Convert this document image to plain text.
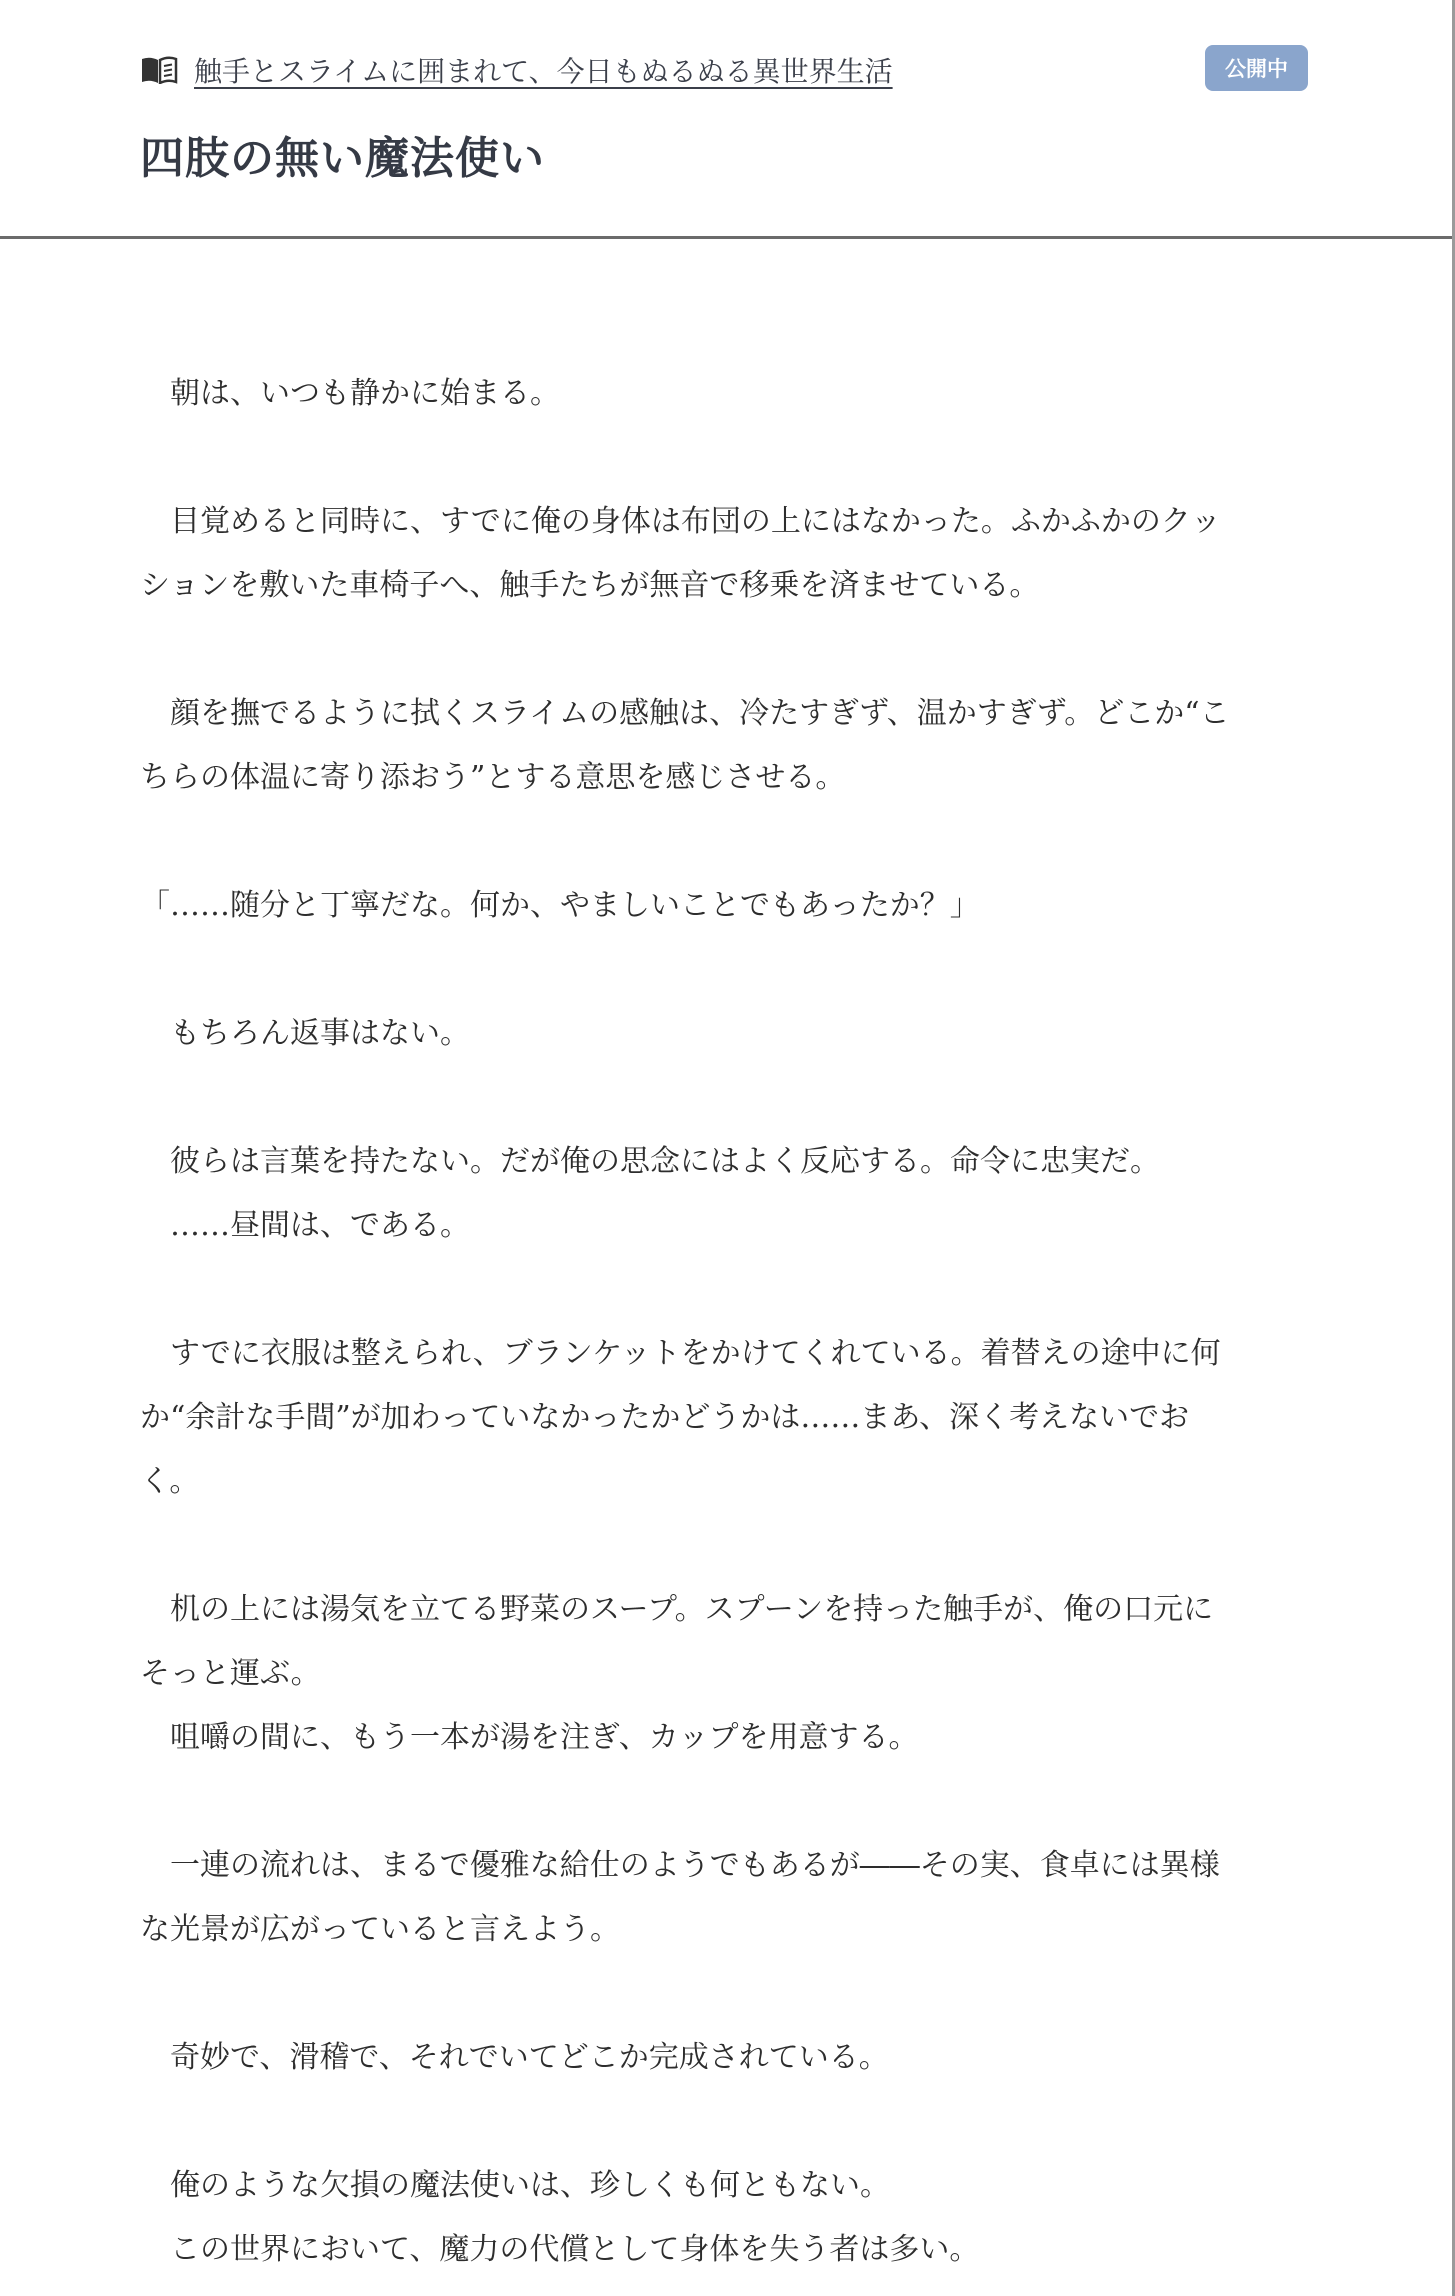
触手とスライムに囲まれて、今日もぬるぬる異世界生活	公開中
四肢の無い魔法使い
　朝は、いつも静かに始まる。
　目覚めると同時に、すでに俺の身体は布団の上にはなかった。ふかふかのクッ
ションを敷いた車椅子へ、触手たちが無音で移乗を済ませている。
　顔を撫でるように拭くスライムの感触は、冷たすぎず、温かすぎず。どこか“こ
ちらの体温に寄り添おう”とする意思を感じさせる。
「……随分と丁寧だな。何か、やましいことでもあったか？」
　もちろん返事はない。
　彼らは言葉を持たない。だが俺の思念にはよく反応する。命令に忠実だ。
　……昼間は、である。
　すでに衣服は整えられ、ブランケットをかけてくれている。着替えの途中に何
か“余計な手間”が加わっていなかったかどうかは……まあ、深く考えないでお
く。
　机の上には湯気を立てる野菜のスープ。スプーンを持った触手が、俺の口元に
そっと運ぶ。
　咀嚼の間に、もう一本が湯を注ぎ、カップを用意する。
　一連の流れは、まるで優雅な給仕のようでもあるが――その実、食卓には異様
な光景が広がっていると言えよう。
　奇妙で、滑稽で、それでいてどこか完成されている。
　俺のような欠損の魔法使いは、珍しくも何ともない。
　この世界において、魔力の代償として身体を失う者は多い。
